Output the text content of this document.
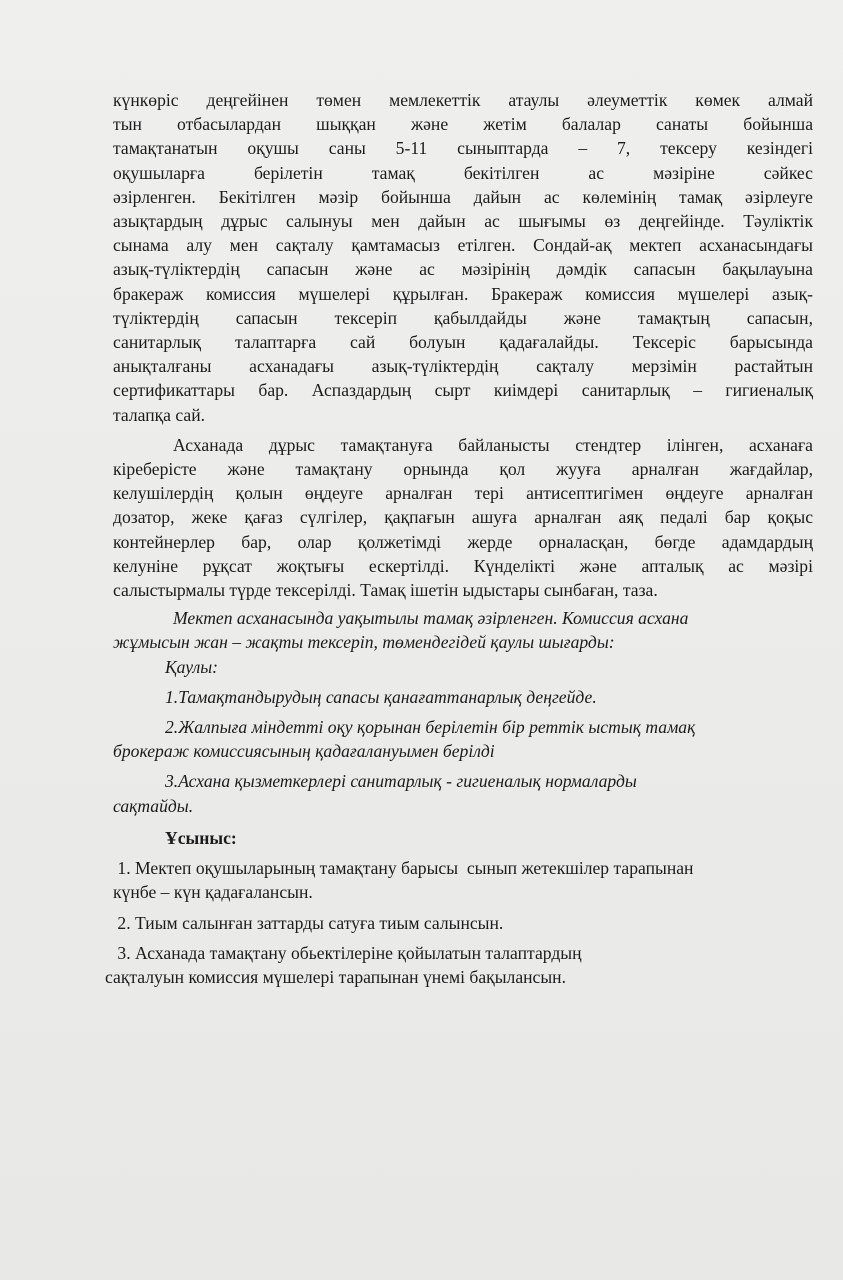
күнкөріс деңгейінен төмен мемлекеттік атаулы әлеуметтік көмек алмай
тын отбасылардан шыққан және жетім балалар санаты бойынша
тамақтанатын оқушы саны 5-11 сыныптарда – 7, тексеру кезіндегі
оқушыларға берілетін тамақ бекітілген ас мәзіріне сәйкес
әзірленген. Бекітілген мәзір бойынша дайын ас көлемінің тамақ әзірлеуге
азықтардың дұрыс салынуы мен дайын ас шығымы өз деңгейінде. Тәуліктік
сынама алу мен сақталу қамтамасыз етілген. Сондай-ақ мектеп асханасындағы
азық-түліктердің сапасын және ас мәзірінің дәмдік сапасын бақылауына
бракераж комиссия мүшелері құрылған. Бракераж комиссия мүшелері азық-
түліктердің сапасын тексеріп қабылдайды және тамақтың сапасын,
санитарлық талаптарға сай болуын қадағалайды. Тексеріс барысында
анықталғаны асханадағы азық-түліктердің сақталу мерзімін растайтын
сертификаттары бар. Аспаздардың сырт киімдері санитарлық – гигиеналық
талапқа сай.
Асханада дұрыс тамақтануға байланысты стендтер ілінген, асханаға
кіреберісте және тамақтану орнында қол жууға арналған жағдайлар,
келушілердің қолын өңдеуге арналған тері антисептигімен өңдеуге арналған
дозатор, жеке қағаз сүлгілер, қақпағын ашуға арналған аяқ педалі бар қоқыс
контейнерлер бар, олар қолжетімді жерде орналасқан, бөгде адамдардың
келуніне рұқсат жоқтығы ескертілді. Күнделікті және апталық ас мәзірі
салыстырмалы түрде тексерілді. Тамақ ішетін ыдыстары сынбаған, таза.
Мектеп асханасында уақытылы тамақ әзірленген. Комиссия асхана
жұмысын жан – жақты тексеріп, төмендегідей қаулы шығарды:
Қаулы:
1.Тамақтандырудың сапасы қанағаттанарлық деңгейде.
2.Жалпыға міндетті оқу қорынан берілетін бір реттік ыстық тамақ
брокераж комиссиясының қадағалануымен берілді
3.Асхана қызметкерлері санитарлық - гигиеналық нормаларды
сақтайды.
Ұсыныс:
1. Мектеп оқушыларының тамақтану барысы  сынып жетекшілер тарапынан
күнбе – күн қадағалансын.
2. Тиым салынған заттарды сатуға тиым салынсын.
3. Асханада тамақтану обьектілеріне қойылатын талаптардың
сақталуын комиссия мүшелері тарапынан үнемі бақылансын.
